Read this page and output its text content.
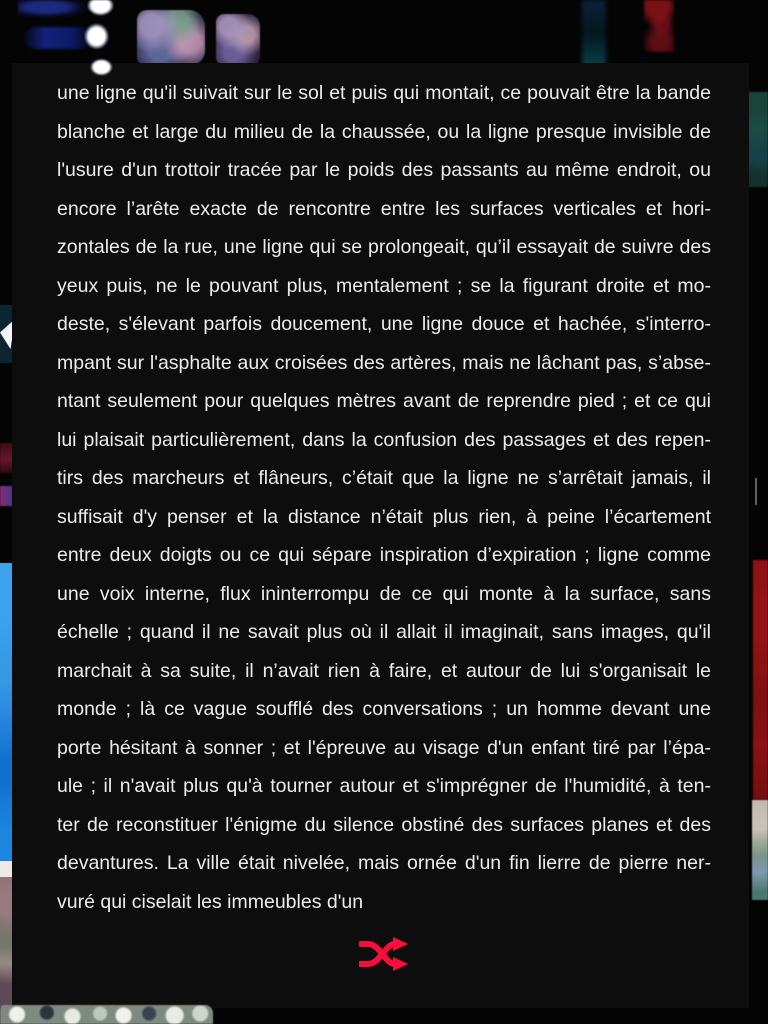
une ligne qu'il suivait sur le sol et puis qui montait, ce pouvait être la bande
blanche et large du milieu de la chaussée, ou la ligne presque invisible de
l'usure d'un trottoir tracée par le poids des passants au même endroit, ou
encore l’arête exacte de rencontre entre les surfaces verticales et hori-
zontales de la rue, une ligne qui se prolongeait, qu’il essayait de suivre des
yeux puis, ne le pouvant plus, mentalement ; se la figurant droite et mo-
deste, s'élevant parfois doucement, une ligne douce et hachée, s'interro-
mpant sur l'asphalte aux croisées des artères, mais ne lâchant pas, s’abse-
ntant seulement pour quelques mètres avant de reprendre pied ; et ce qui
lui plaisait particulièrement, dans la confusion des passages et des repen-
tirs des marcheurs et flâneurs, c’était que la ligne ne s’arrêtait jamais, il
suffisait d'y penser et la distance n’était plus rien, à peine l’écartement
entre deux doigts ou ce qui sépare inspiration d’expiration ; ligne comme
une voix interne, flux ininterrompu de ce qui monte à la surface, sans
échelle ; quand il ne savait plus où il allait il imaginait, sans images, qu'il
marchait à sa suite, il n’avait rien à faire, et autour de lui s'organisait le
monde ; là ce vague soufflé des conversations ; un homme devant une
porte hésitant à sonner ; et l'épreuve au visage d'un enfant tiré par l’épa-
ule ; il n'avait plus qu'à tourner autour et s'imprégner de l'humidité, à ten-
ter de reconstituer l'énigme du silence obstiné des surfaces planes et des
devantures. La ville était nivelée, mais ornée d'un fin lierre de pierre ner-
vuré qui ciselait les immeubles d'un
